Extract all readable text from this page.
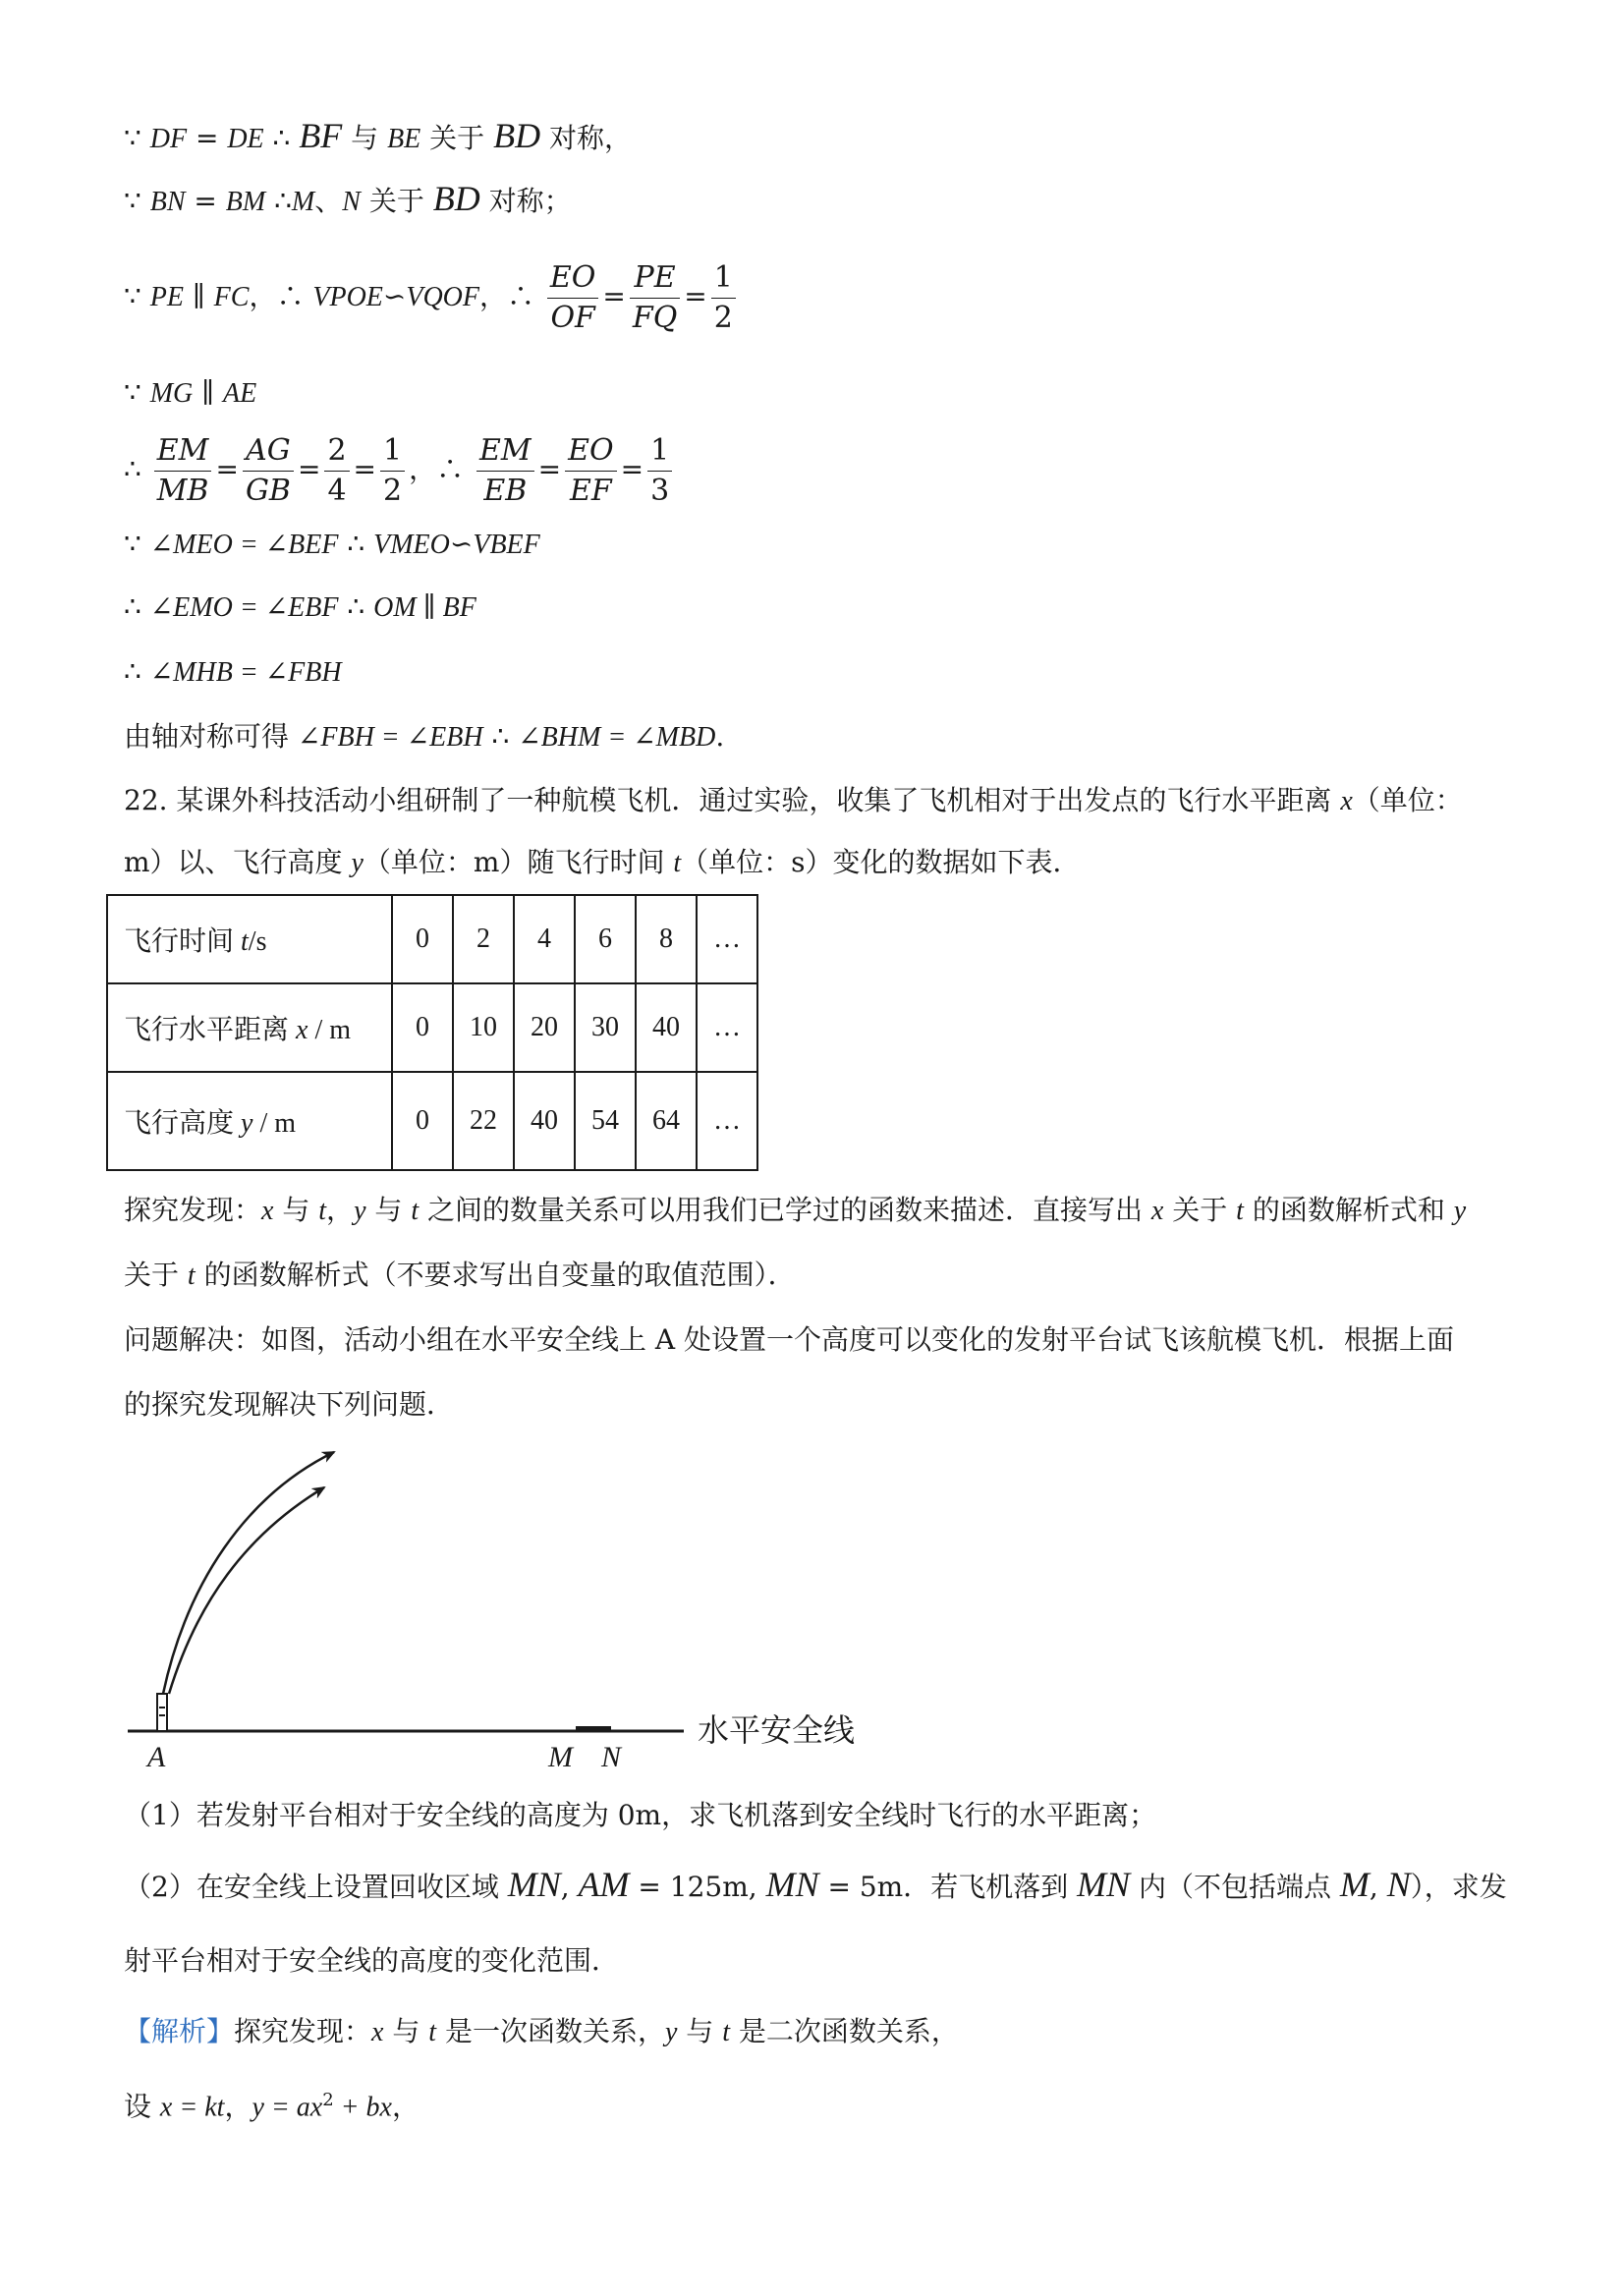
∵ DF = DE ∴ BF 与 BE 关于 BD 对称，
∵ BN = BM ∴M、N 关于 BD 对称；
∵ PE ∥ FC，∴ VPOE∽VQOF，∴ $\frac{EO}{OF} = \frac{PE}{FQ} = \frac{1}{2}$
∵ MG ∥ AE
∴ $\frac{EM}{MB} = \frac{AG}{GB} = \frac{2}{4} = \frac{1}{2}$ ，∴ $\frac{EM}{EB} = \frac{EO}{EF} = \frac{1}{3}$
∵ ∠MEO = ∠BEF ∴ VMEO∽VBEF
∴ ∠EMO = ∠EBF ∴ OM ∥ BF
∴ ∠MHB = ∠FBH
由轴对称可得 ∠FBH = ∠EBH ∴ ∠BHM = ∠MBD.
22. 某课外科技活动小组研制了一种航模飞机．通过实验，收集了飞机相对于出发点的飞行水平距离 x（单位：
m）以、飞行高度 y（单位：m）随飞行时间 t（单位：s）变化的数据如下表．
飞行时间 t/s	0	2	4	6	8	…
飞行水平距离 x / m	0	10	20	30	40	…
飞行高度 y / m	0	22	40	54	64	…
探究发现：x 与 t，y 与 t 之间的数量关系可以用我们已学过的函数来描述．直接写出 x 关于 t 的函数解析式和 y
关于 t 的函数解析式（不要求写出自变量的取值范围）．
问题解决：如图，活动小组在水平安全线上 A 处设置一个高度可以变化的发射平台试飞该航模飞机．根据上面
的探究发现解决下列问题．
A	M N
水平安全线
（1）若发射平台相对于安全线的高度为 0m，求飞机落到安全线时飞行的水平距离；
（2）在安全线上设置回收区域 MN, AM = 125m, MN = 5m．若飞机落到 MN 内（不包括端点 M, N），求发
射平台相对于安全线的高度的变化范围．
【解析】探究发现：x 与 t 是一次函数关系，y 与 t 是二次函数关系，
设 x = kt，$y = ax^2$ + bx，
